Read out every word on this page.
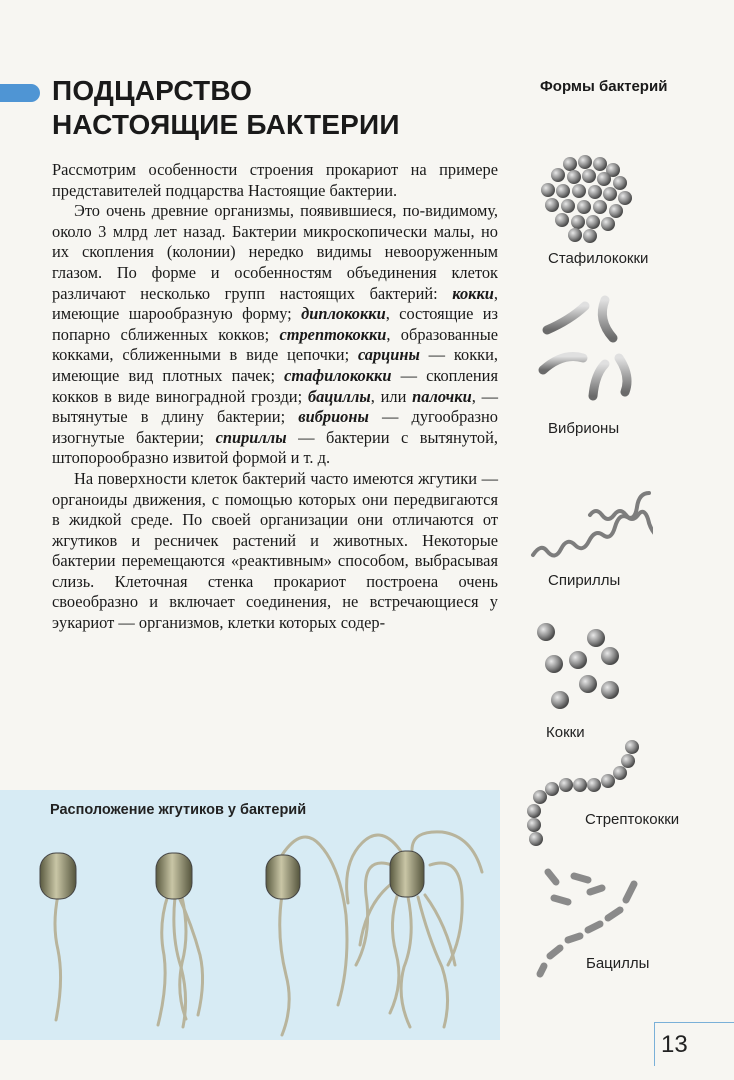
ПОДЦАРСТВО
НАСТОЯЩИЕ БАКТЕРИИ

Рассмотрим особенности строения прокариот на примере представителей подцарства Настоящие бактерии.

Это очень древние организмы, появившиеся, по-видимому, около 3 млрд лет назад. Бактерии микроскопически малы, но их скопления (колонии) нередко видимы невооруженным глазом. По форме и особенностям объединения клеток различают несколько групп настоящих бактерий: кокки, имеющие шарообразную форму; диплококки, состоящие из попарно сближенных кокков; стрептококки, образованные кокками, сближенными в виде цепочки; сарцины — кокки, имеющие вид плотных пачек; стафилококки — скопления кокков в виде виноградной грозди; бациллы, или палочки, — вытянутые в длину бактерии; вибрионы — дугообразно изогнутые бактерии; спириллы — бактерии с вытянутой, штопорообразно извитой формой и т. д.

На поверхности клеток бактерий часто имеются жгутики — органоиды движения, с помощью которых они передвигаются в жидкой среде. По своей организации они отличаются от жгутиков и ресничек растений и животных. Некоторые бактерии перемещаются «реактивным» способом, выбрасывая слизь. Клеточная стенка прокариот построена очень своеобразно и включает соединения, не встречающиеся у эукариот — организмов, клетки которых содер-

Формы бактерий
Стафилококки
Вибрионы
Спириллы
Кокки
Стрептококки
Бациллы
Расположение жгутиков у бактерий
13
